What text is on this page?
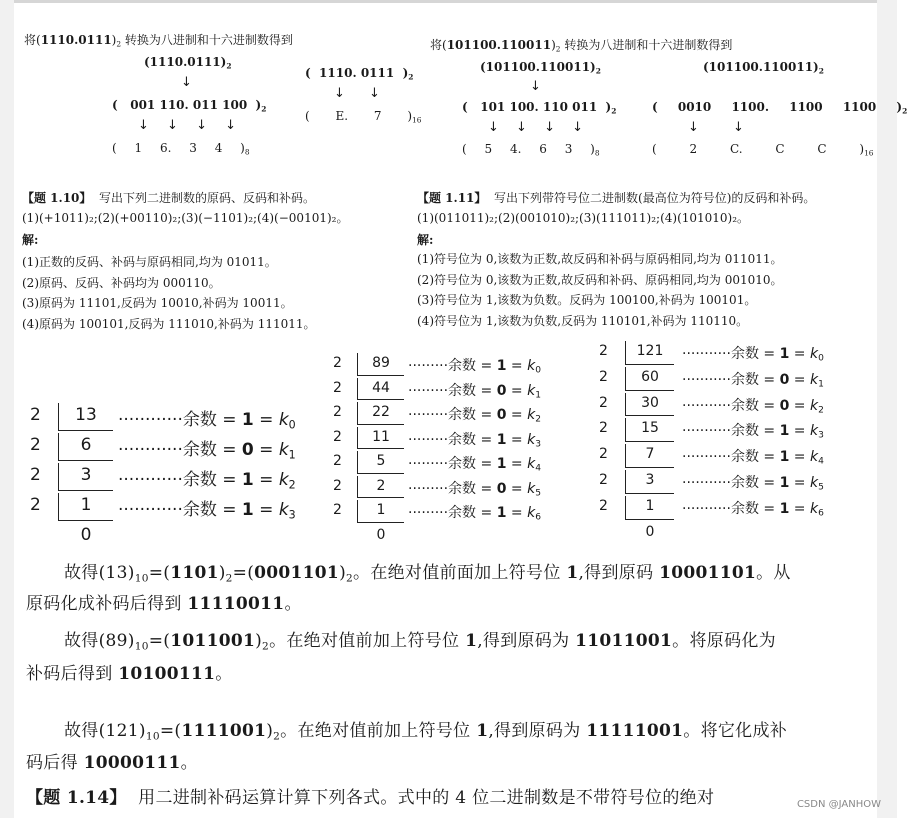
将$(1110.0111)_2$ 转换为八进制和十六进制数得到
$(1110.0111)_2$
↓
(   001 110. 011 100  )$_2$
↓ ↓ ↓ ↓
( 1 6. 3 4 )$_8$
(  1110. 0111  )$_2$
↓ ↓
( E. 7 )$_{16}$
将$(101100.110011)_2$ 转换为八进制和十六进制数得到
$(101100.110011)_2$
↓
(   101 100. 110 011  )$_2$
↓ ↓ ↓ ↓
( 5 4. 6 3 )$_8$
$(101100.110011)_2$
( 0010 1100. 1100 1100 )$_2$
↓	↓
( 2	C.	C	C )$_{16}$
【题 1.10】 写出下列二进制数的原码、反码和补码。
(1)(+1011)₂;(2)(+00110)₂;(3)(−1101)₂;(4)(−00101)₂。
解:
(1)正数的反码、补码与原码相同,均为 01011。
(2)原码、反码、补码均为 000110。
(3)原码为 11101,反码为 10010,补码为 10011。
(4)原码为 100101,反码为 111010,补码为 111011。
【题 1.11】 写出下列带符号位二进制数(最高位为符号位)的反码和补码。
(1)(011011)₂;(2)(001010)₂;(3)(111011)₂;(4)(101010)₂。
解:
(1)符号位为 0,该数为正数,故反码和补码与原码相同,均为 011011。
(2)符号位为 0,该数为正数,故反码和补码、原码相同,均为 001010。
(3)符号位为 1,该数为负数。反码为 100100,补码为 100101。
(4)符号位为 1,该数为负数,反码为 110101,补码为 110110。
2	13	············余数 = 1 = k0
2	6	············余数 = 0 = k1
2	3	············余数 = 1 = k2
2	1	············余数 = 1 = k3
0
2	89	·········余数 = 1 = k0
2	44	·········余数 = 0 = k1
2	22	·········余数 = 0 = k2
2	11	·········余数 = 1 = k3
2	5	·········余数 = 1 = k4
2	2	·········余数 = 0 = k5
2	1	·········余数 = 1 = k6
0
2	121	···········余数 = 1 = k0
2	60	···········余数 = 0 = k1
2	30	···········余数 = 0 = k2
2	15	···········余数 = 1 = k3
2	7	···········余数 = 1 = k4
2	3	···········余数 = 1 = k5
2	1	···········余数 = 1 = k6
0
故得$(13)_{10}=(1101)_2=(0001101)_2$。在绝对值前面加上符号位 1,得到原码 10001101。从
原码化成补码后得到 11110011。
故得$(89)_{10}=(1011001)_2$。在绝对值前加上符号位 1,得到原码为 11011001。将原码化为
补码后得到 10100111。
故得$(121)_{10}=(1111001)_2$。在绝对值前加上符号位 1,得到原码为 11111001。将它化成补
码后得 10000111。
【题 1.14】 用二进制补码运算计算下列各式。式中的 4 位二进制数是不带符号位的绝对	CSDN @JANHOW
